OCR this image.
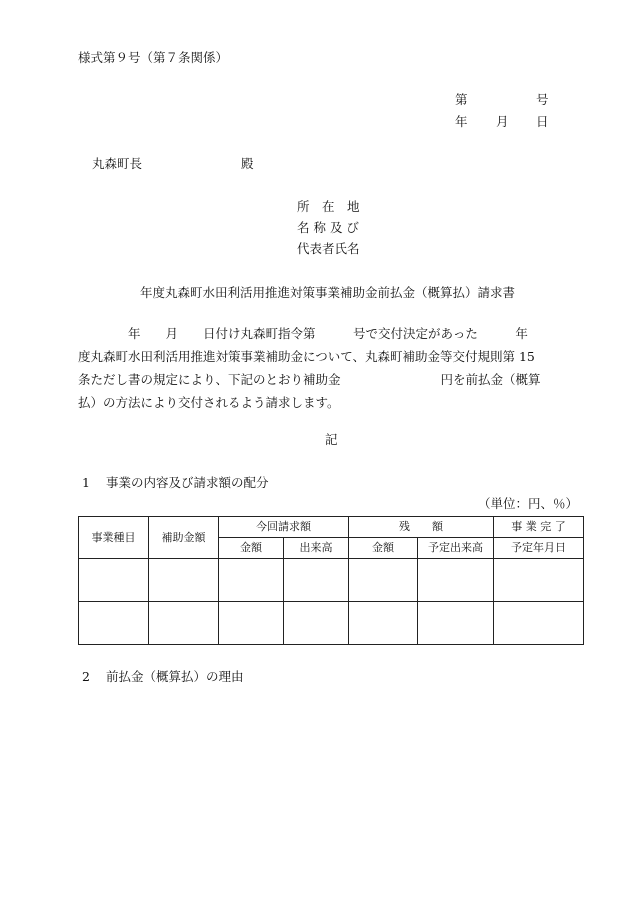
様式第９号（第７条関係）
第	号
年 月 日
丸森町長	殿
所　在　地
名 称 及 び
代表者氏名
年度丸森町水田利活用推進対策事業補助金前払金（概算払）請求書
　　　　年　　月　　日付け丸森町指令第　　　号で交付決定があった　　　年
度丸森町水田利活用推進対策事業補助金について、丸森町補助金等交付規則第 15
条ただし書の規定により、下記のとおり補助金　　　　　　　　円を前払金（概算
払）の方法により交付されるよう請求します。
記
1 事業の内容及び請求額の配分
（単位：円、％）
事業種目	補助金額	今回請求額		残　　額		事 業 完 了
		金額	出来高	金額	予定出来高	予定年月日

2 前払金（概算払）の理由
